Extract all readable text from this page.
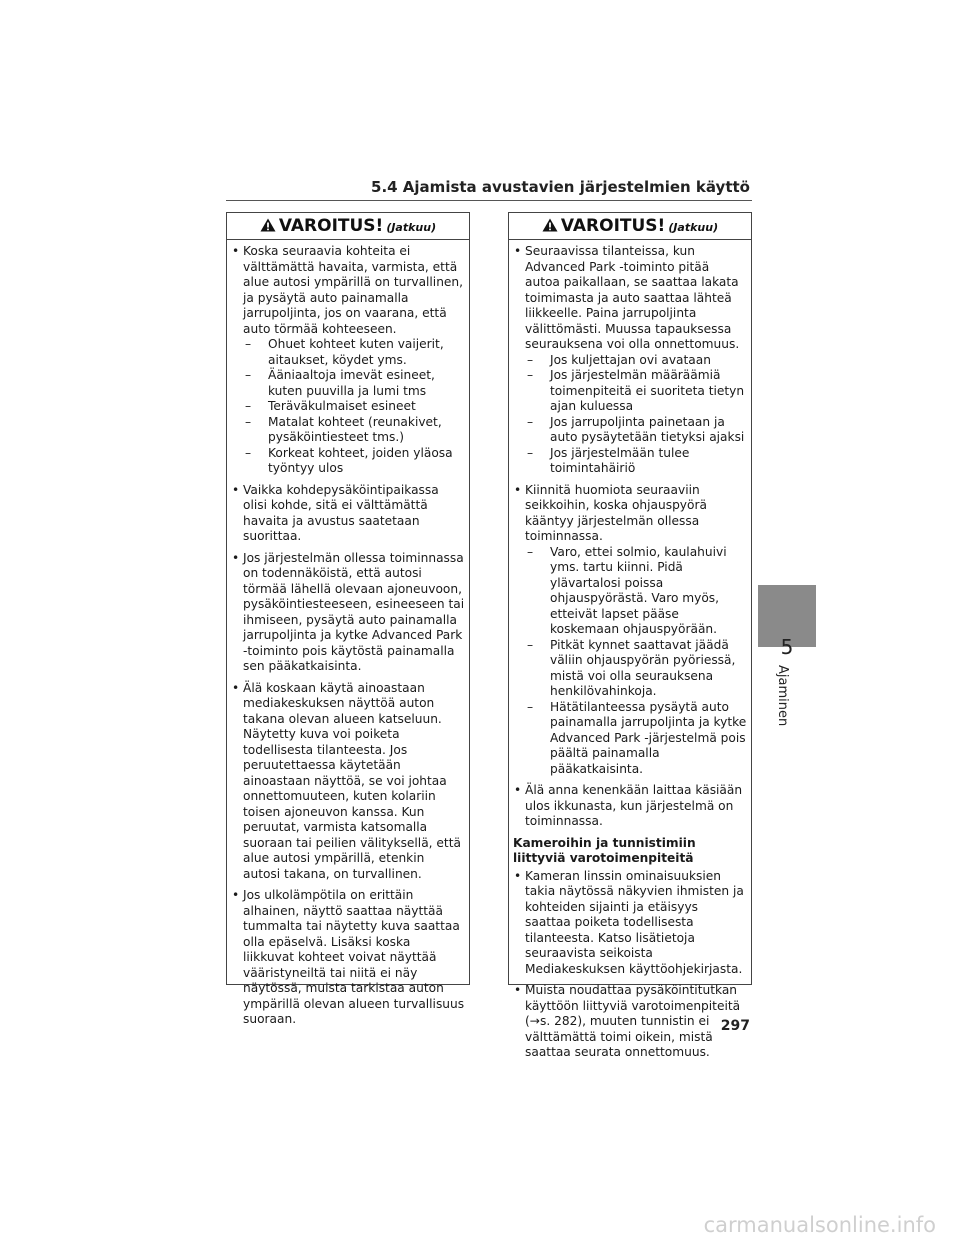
5.4 Ajamista avustavien järjestelmien käyttö
VAROITUS! (Jatkuu)
• Koska seuraavia kohteita ei välttämättä havaita, varmista, että alue autosi ympärillä on turvallinen, ja pysäytä auto painamalla jarrupoljinta, jos on vaarana, että auto törmää kohteeseen.
– Ohuet kohteet kuten vaijerit, aitaukset, köydet yms.
– Ääniaaltoja imevät esineet, kuten puuvilla ja lumi tms
– Teräväkulmaiset esineet
– Matalat kohteet (reunakivet, pysäköintiesteet tms.)
– Korkeat kohteet, joiden yläosa työntyy ulos
• Vaikka kohdepysäköintipaikassa olisi kohde, sitä ei välttämättä havaita ja avustus saatetaan suorittaa.
• Jos järjestelmän ollessa toiminnassa on todennäköistä, että autosi törmää lähellä olevaan ajoneuvoon, pysäköintiesteeseen, esineeseen tai ihmiseen, pysäytä auto painamalla jarrupoljinta ja kytke Advanced Park -toiminto pois käytöstä painamalla sen pääkatkaisinta.
• Älä koskaan käytä ainoastaan mediakeskuksen näyttöä auton takana olevan alueen katseluun. Näytetty kuva voi poiketa todellisesta tilanteesta. Jos peruutettaessa käytetään ainoastaan näyttöä, se voi johtaa onnettomuuteen, kuten kolariin toisen ajoneuvon kanssa. Kun peruutat, varmista katsomalla suoraan tai peilien välityksellä, että alue autosi ympärillä, etenkin autosi takana, on turvallinen.
• Jos ulkolämpötila on erittäin alhainen, näyttö saattaa näyttää tummalta tai näytetty kuva saattaa olla epäselvä. Lisäksi koska liikkuvat kohteet voivat näyttää vääristyneiltä tai niitä ei näy näytössä, muista tarkistaa auton ympärillä olevan alueen turvallisuus suoraan.
VAROITUS! (Jatkuu)
• Seuraavissa tilanteissa, kun Advanced Park -toiminto pitää autoa paikallaan, se saattaa lakata toimimasta ja auto saattaa lähteä liikkeelle. Paina jarrupoljinta välittömästi. Muussa tapauksessa seurauksena voi olla onnettomuus.
– Jos kuljettajan ovi avataan
– Jos järjestelmän määräämiä toimenpiteitä ei suoriteta tietyn ajan kuluessa
– Jos jarrupoljinta painetaan ja auto pysäytetään tietyksi ajaksi
– Jos järjestelmään tulee toimintahäiriö
• Kiinnitä huomiota seuraaviin seikkoihin, koska ohjauspyörä kääntyy järjestelmän ollessa toiminnassa.
– Varo, ettei solmio, kaulahuivi yms. tartu kiinni. Pidä ylävartalosi poissa ohjauspyörästä. Varo myös, etteivät lapset pääse koskemaan ohjauspyörään.
– Pitkät kynnet saattavat jäädä väliin ohjauspyörän pyöriessä, mistä voi olla seurauksena henkilövahinkoja.
– Hätätilanteessa pysäytä auto painamalla jarrupoljinta ja kytke Advanced Park -järjestelmä pois päältä painamalla pääkatkaisinta.
• Älä anna kenenkään laittaa käsiään ulos ikkunasta, kun järjestelmä on toiminnassa.
Kameroihin ja tunnistimiin liittyviä varotoimenpiteitä
• Kameran linssin ominaisuuksien takia näytössä näkyvien ihmisten ja kohteiden sijainti ja etäisyys saattaa poiketa todellisesta tilanteesta. Katso lisätietoja seuraavista seikoista Mediakeskuksen käyttöohjekirjasta.
• Muista noudattaa pysäköintitutkan käyttöön liittyviä varotoimenpiteitä (→s. 282), muuten tunnistin ei välttämättä toimi oikein, mistä saattaa seurata onnettomuus.
5
Ajaminen
297
carmanualsonline.info
